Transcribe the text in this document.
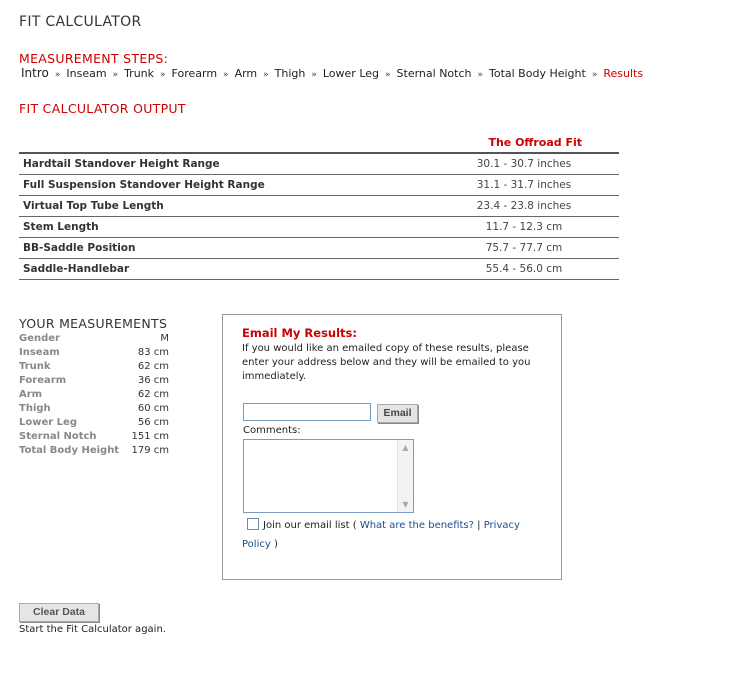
FIT CALCULATOR
MEASUREMENT STEPS:
Intro » Inseam » Trunk » Forearm » Arm » Thigh » Lower Leg » Sternal Notch » Total Body Height » Results
FIT CALCULATOR OUTPUT
The Offroad Fit	
Hardtail Standover Height Range	30.1 - 30.7 inches
Full Suspension Standover Height Range	31.1 - 31.7 inches
Virtual Top Tube Length	23.4 - 23.8 inches
Stem Length	11.7 - 12.3 cm
BB-Saddle Position	75.7 - 77.7 cm
Saddle-Handlebar	55.4 - 56.0 cm
YOUR MEASUREMENTS
Gender	M
Inseam	83 cm
Trunk	62 cm
Forearm	36 cm
Arm	62 cm
Thigh	60 cm
Lower Leg	56 cm
Sternal Notch	151 cm
Total Body Height 179 cm
Email My Results:
If you would like an emailed copy of these results, please enter your address below and they will be emailed to you immediately.
Email
Comments:
▲
▼
Join our email list ( What are the benefits? | Privacy
Policy )
Clear Data
Start the Fit Calculator again.
